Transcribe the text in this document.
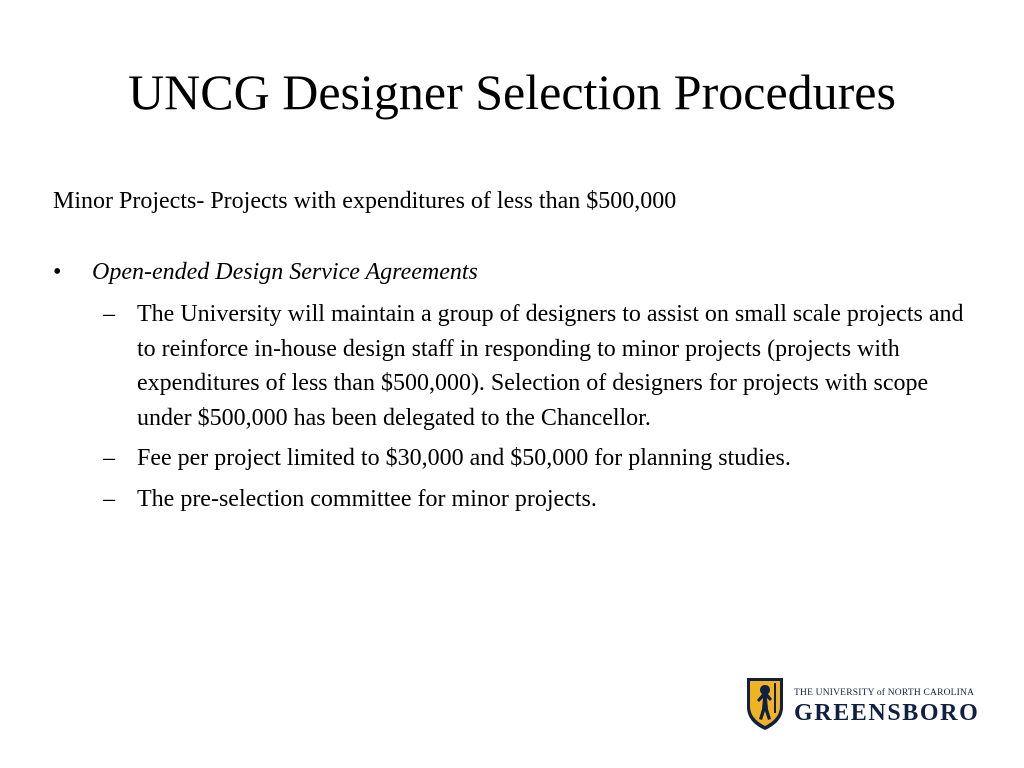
UNCG Designer Selection Procedures

Minor Projects- Projects with expenditures of less than $500,000

• Open-ended Design Service Agreements
– The University will maintain a group of designers to assist on small scale projects and to reinforce in-house design staff in responding to minor projects (projects with expenditures of less than $500,000). Selection of designers for projects with scope under $500,000 has been delegated to the Chancellor.
– Fee per project limited to $30,000 and $50,000 for planning studies.
– The pre-selection committee for minor projects.
THE UNIVERSITY of NORTH CAROLINA
GREENSBORO
